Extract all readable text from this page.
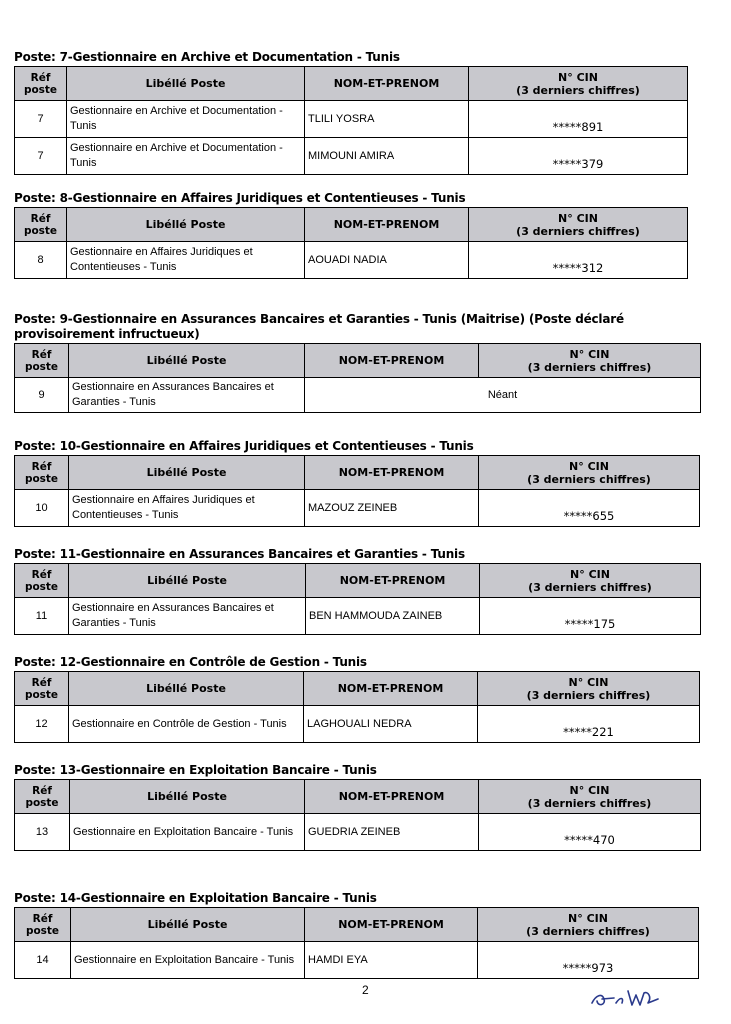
Poste: 7-Gestionnaire en Archive et Documentation - Tunis
Réf poste	Libéllé Poste	NOM-ET-PRENOM	N° CIN
(3 derniers chiffres)

7	Gestionnaire en Archive et Documentation - Tunis	TLILI YOSRA	*****891
7	Gestionnaire en Archive et Documentation - Tunis	MIMOUNI AMIRA	*****379
Poste: 8-Gestionnaire en Affaires Juridiques et Contentieuses - Tunis
Réf poste	Libéllé Poste	NOM-ET-PRENOM	N° CIN
(3 derniers chiffres)

8	Gestionnaire en Affaires Juridiques et Contentieuses - Tunis	AOUADI NADIA	*****312
Poste: 9-Gestionnaire en Assurances Bancaires et Garanties - Tunis (Maitrise) (Poste déclaré provisoirement infructueux)
Réf poste	Libéllé Poste	NOM-ET-PRENOM	N° CIN
(3 derniers chiffres)

9	Gestionnaire en Assurances Bancaires et Garanties - Tunis	Néant	
Poste: 10-Gestionnaire en Affaires Juridiques et Contentieuses - Tunis
Réf poste	Libéllé Poste	NOM-ET-PRENOM	N° CIN
(3 derniers chiffres)

10	Gestionnaire en Affaires Juridiques et Contentieuses - Tunis	MAZOUZ ZEINEB	*****655
Poste: 11-Gestionnaire en Assurances Bancaires et Garanties - Tunis
Réf poste	Libéllé Poste	NOM-ET-PRENOM	N° CIN
(3 derniers chiffres)

11	Gestionnaire en Assurances Bancaires et Garanties - Tunis	BEN HAMMOUDA ZAINEB	*****175
Poste: 12-Gestionnaire en Contrôle de Gestion - Tunis
Réf poste	Libéllé Poste	NOM-ET-PRENOM	N° CIN
(3 derniers chiffres)

12	Gestionnaire en Contrôle de Gestion - Tunis	LAGHOUALI NEDRA	*****221
Poste: 13-Gestionnaire en Exploitation Bancaire - Tunis
Réf poste	Libéllé Poste	NOM-ET-PRENOM	N° CIN
(3 derniers chiffres)

13	Gestionnaire en Exploitation Bancaire - Tunis	GUEDRIA ZEINEB	*****470
Poste: 14-Gestionnaire en Exploitation Bancaire - Tunis
Réf poste	Libéllé Poste	NOM-ET-PRENOM	N° CIN
(3 derniers chiffres)

14	Gestionnaire en Exploitation Bancaire - Tunis	HAMDI EYA	*****973
2
